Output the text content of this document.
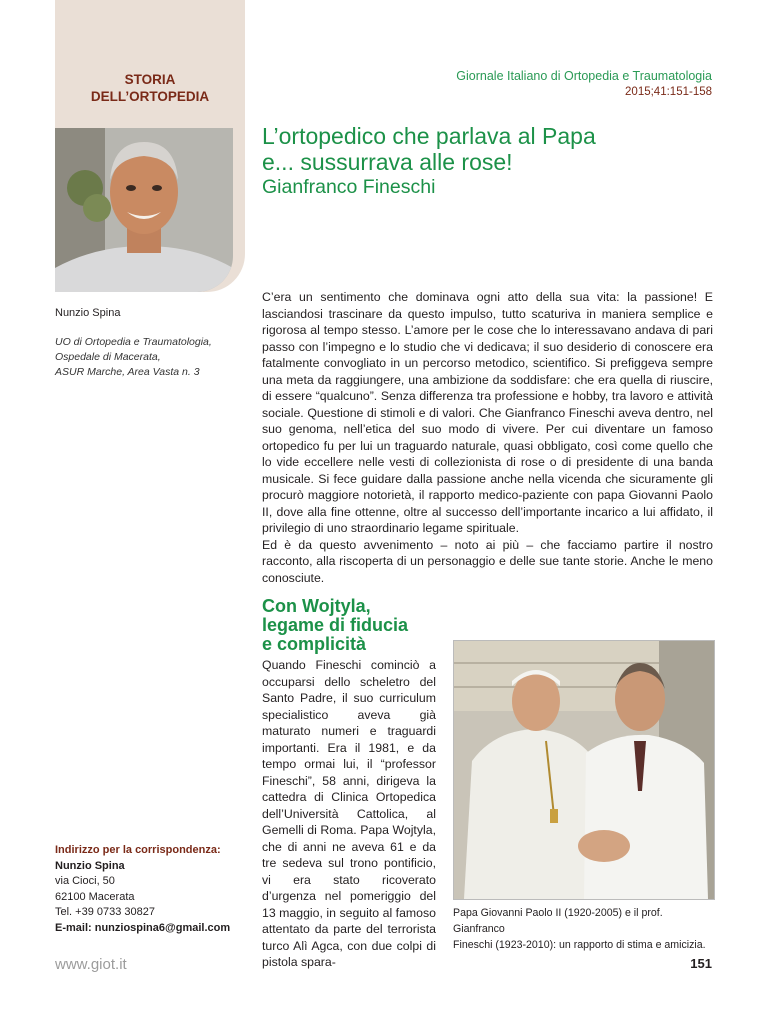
STORIA
DELL’ORTOPEDIA
Giornale Italiano di Ortopedia e Traumatologia
2015;41:151-158
L’ortopedico che parlava al Papa
e... sussurrava alle rose!
Gianfranco Fineschi
Nunzio Spina
UO di Ortopedia e Traumatologia,
Ospedale di Macerata,
ASUR Marche, Area Vasta n. 3

C’era un sentimento che dominava ogni atto della sua vita: la passione! E lasciandosi trascinare da questo impulso, tutto scaturiva in maniera semplice e rigorosa al tempo stesso. L’amore per le cose che lo interessavano andava di pari passo con l’impegno e lo studio che vi dedicava; il suo desiderio di conoscere era fatalmente convogliato in un percorso metodico, scientifico. Si prefiggeva sempre una meta da raggiungere, una ambizione da soddisfare: che era quella di riuscire, di essere “qualcuno”. Senza differenza tra professione e hobby, tra lavoro e attività sociale. Questione di stimoli e di valori. Che Gianfranco Fineschi aveva dentro, nel suo genoma, nell’etica del suo modo di vivere. Per cui diventare un famoso ortopedico fu per lui un traguardo naturale, quasi obbligato, così come quello che lo vide eccellere nelle vesti di collezionista di rose o di presidente di una banda musicale. Si fece guidare dalla passione anche nella vicenda che sicuramente gli procurò maggiore notorietà, il rapporto medico-paziente con papa Giovanni Paolo II, dove alla fine ottenne, oltre al successo dell’importante incarico a lui affidato, il privilegio di uno straordinario legame spirituale.

Ed è da questo avvenimento – noto ai più – che facciamo partire il nostro racconto, alla riscoperta di un personaggio e delle sue tante storie. Anche le meno conosciute.

Con Wojtyla,
legame di fiducia
e complicità
Quando Fineschi cominciò a occuparsi dello scheletro del Santo Padre, il suo curriculum specialistico aveva già maturato numeri e traguardi importanti. Era il 1981, e da tempo ormai lui, il “professor Fineschi”, 58 anni, dirigeva la cattedra di Clinica Ortopedica dell’Università Cattolica, al Gemelli di Roma. Papa Wojtyla, che di anni ne aveva 61 e da tre sedeva sul trono pontificio, vi era stato ricoverato d’urgenza nel pomeriggio del 13 maggio, in seguito al famoso attentato da parte del terrorista turco Alì Agca, con due colpi di pistola spara-
Papa Giovanni Paolo II (1920-2005) e il prof. Gianfranco
Fineschi (1923-2010): un rapporto di stima e amicizia.
Indirizzo per la corrispondenza:
Nunzio Spina
via Cioci, 50
62100 Macerata
Tel. +39 0733 30827
E-mail: nunziospina6@gmail.com
www.giot.it	151
